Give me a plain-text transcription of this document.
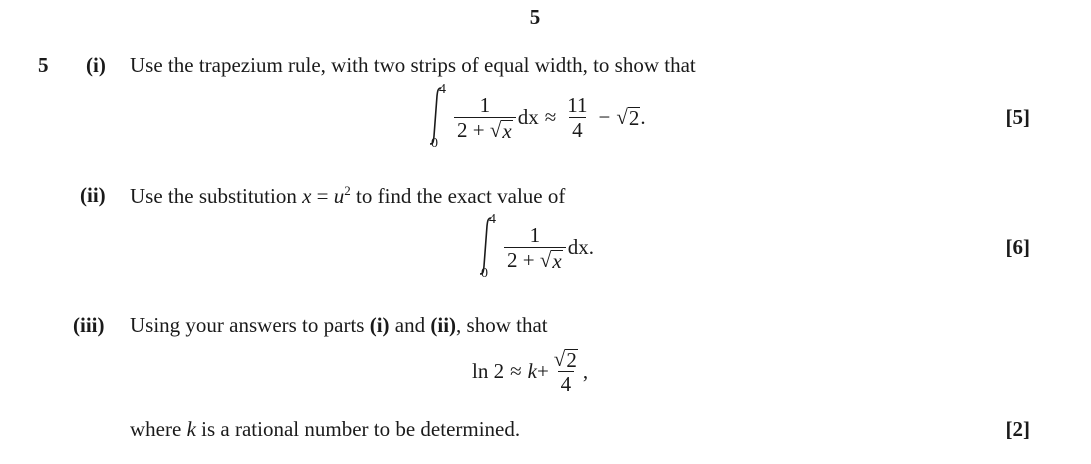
5
5 (i) Use the trapezium rule, with two strips of equal width, to show that
4
0
$\frac{1}{2 + √ x}$ dx ≈ $\frac{11}{4}$ − √ 2 .	[5]
(ii) Use the substitution $x = u^2$ to find the exact value of
4
0
$\frac{1}{2 + √ x}$ dx .	[6]
(iii) Using your answers to parts (i) and (ii), show that
$\ln 2 \approx k + \frac{√ 2}{4}$ ,
where k is a rational number to be determined.	[2]
